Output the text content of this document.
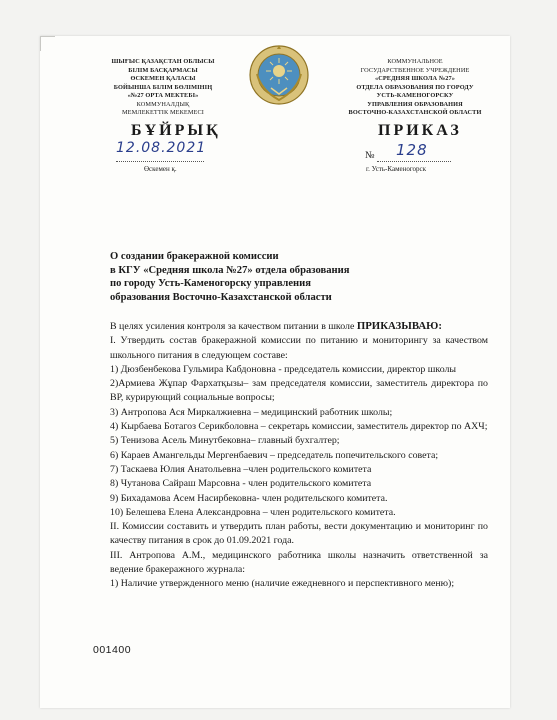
ШЫҒЫС ҚАЗАҚСТАН ОБЛЫСЫ
БІЛІМ БАСҚАРМАСЫ
ӨСКЕМЕН ҚАЛАСЫ
БОЙЫНША БІЛІМ БӨЛІМІНІҢ
«№27 ОРТА МЕКТЕБІ»
КОММУНАЛДЫҚ
МЕМЛЕКЕТТІК МЕКЕМЕСІ
КОММУНАЛЬНОЕ
ГОСУДАРСТВЕННОЕ УЧРЕЖДЕНИЕ
«СРЕДНЯЯ ШКОЛА №27»
ОТДЕЛА ОБРАЗОВАНИЯ ПО ГОРОДУ
УСТЬ-КАМЕНОГОРСКУ
УПРАВЛЕНИЯ ОБРАЗОВАНИЯ
ВОСТОЧНО-КАЗАХСТАНСКОЙ ОБЛАСТИ
БҰЙРЫҚ	ПРИКАЗ
12.08.2021
Өскемен қ.
№ 128
г. Усть-Каменогорск
О создании бракеражной комиссии
в КГУ «Средняя школа №27» отдела образования
по городу Усть-Каменогорску управления
образования Восточно-Казахстанской области

В целях усиления контроля за качеством питании в школе ПРИКАЗЫВАЮ:

I. Утвердить состав бракеражной комиссии по питанию и мониторингу за качеством школьного питания в следующем составе:

1) Дюзбенбекова Гульмира Кабдоновна - председатель комиссии, директор школы

2)Армиева Жұпар Фархатқызы– зам председателя комиссии, заместитель директора по ВР, курирующий социальные вопросы;

3) Антропова Ася Миркалжиевна – медицинский работник школы;

4) Кырбаева Ботагоз Серикболовна – секретарь комиссии, заместитель директор по АХЧ;

5) Тенизова Асель Минутбековна– главный бухгалтер;

6) Караев Амангельды Мергенбаевич – председатель попечительского совета;

7) Таскаева Юлия Анатольевна –член родительского комитета

8) Чутанова Сайраш Марсовна - член родительского комитета

9) Бихадамова Асем Насирбековна- член родительского комитета.

10) Белешева Елена Александровна – член родительского комитета.

II. Комиссии составить и утвердить план работы, вести документацию и мониторинг по качеству питания в срок до 01.09.2021 года.

III. Антропова А.М., медицинского работника школы назначить ответственной за ведение бракеражного журнала:

1) Наличие утвержденного меню (наличие ежедневного и перспективного меню);

001400
